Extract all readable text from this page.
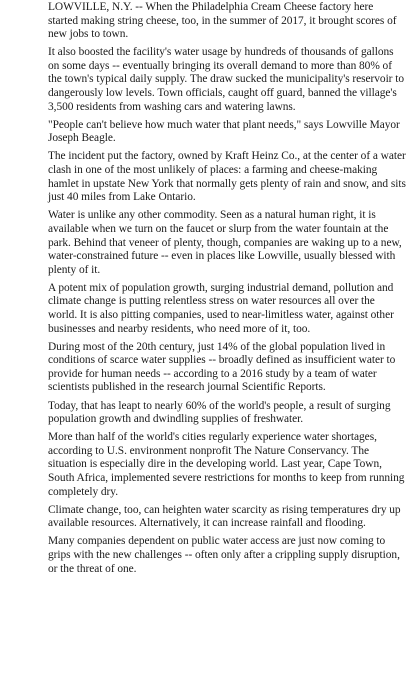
LOWVILLE, N.Y. -- When the Philadelphia Cream Cheese factory here started making string cheese, too, in the summer of 2017, it brought scores of new jobs to town.

It also boosted the facility's water usage by hundreds of thousands of gallons on some days -- eventually bringing its overall demand to more than 80% of the town's typical daily supply. The draw sucked the municipality's reservoir to dangerously low levels. Town officials, caught off guard, banned the village's 3,500 residents from washing cars and watering lawns.

"People can't believe how much water that plant needs," says Lowville Mayor Joseph Beagle.

The incident put the factory, owned by Kraft Heinz Co., at the center of a water clash in one of the most unlikely of places: a farming and cheese-making hamlet in upstate New York that normally gets plenty of rain and snow, and sits just 40 miles from Lake Ontario.

Water is unlike any other commodity. Seen as a natural human right, it is available when we turn on the faucet or slurp from the water fountain at the park. Behind that veneer of plenty, though, companies are waking up to a new, water-constrained future -- even in places like Lowville, usually blessed with plenty of it.

A potent mix of population growth, surging industrial demand, pollution and climate change is putting relentless stress on water resources all over the world. It is also pitting companies, used to near-limitless water, against other businesses and nearby residents, who need more of it, too.

During most of the 20th century, just 14% of the global population lived in conditions of scarce water supplies -- broadly defined as insufficient water to provide for human needs -- according to a 2016 study by a team of water scientists published in the research journal Scientific Reports.

Today, that has leapt to nearly 60% of the world's people, a result of surging population growth and dwindling supplies of freshwater.

More than half of the world's cities regularly experience water shortages, according to U.S. environment nonprofit The Nature Conservancy. The situation is especially dire in the developing world. Last year, Cape Town, South Africa, implemented severe restrictions for months to keep from running completely dry.

Climate change, too, can heighten water scarcity as rising temperatures dry up available resources. Alternatively, it can increase rainfall and flooding.

Many companies dependent on public water access are just now coming to grips with the new challenges -- often only after a crippling supply disruption, or the threat of one.
